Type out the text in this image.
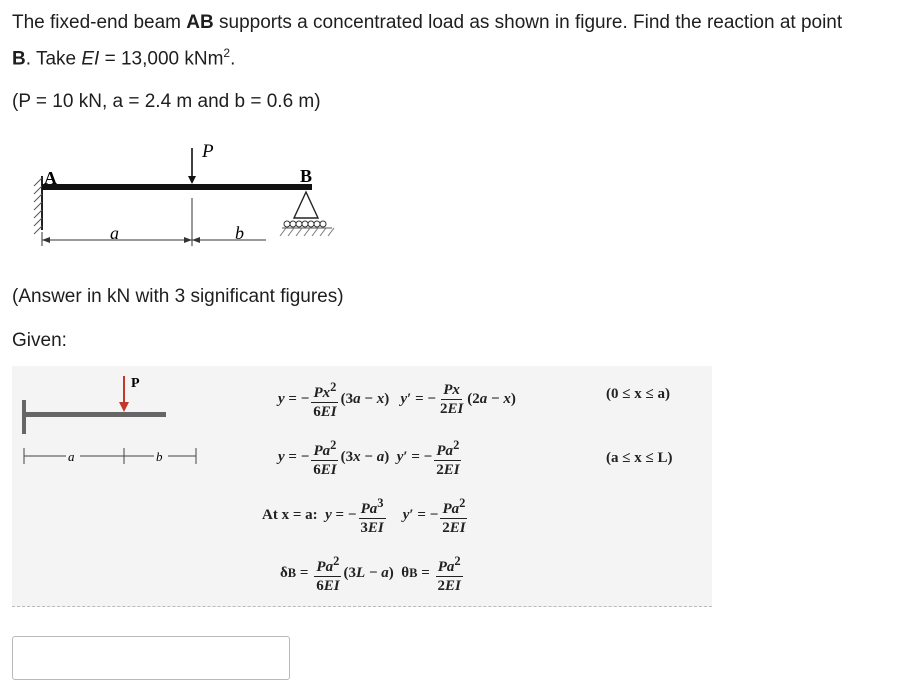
The fixed-end beam AB supports a concentrated load as shown in figure. Find the reaction at point
B. Take EI = 13,000 kNm$^2$.
(P = 10 kN, a = 2.4 m and b = 0.6 m)
A	B
P
a	b
(Answer in kN with 3 significant figures)
Given:
P
a	b
y = − $\frac{Px^2}{6EI} (3$ a − x ) y ′ = − $\frac{Px}{2EI} (2$ a − x )	(0 ≤ x ≤ a)
y = − $\frac{Pa^2}{6EI} (3$ x − a ) y ′ = − $\frac{Pa^2}{2EI}$	(a ≤ x ≤ L)
At x = a:
y = − $\frac{Pa^3}{3EI}$
y ′ = − $\frac{Pa^2}{2EI}$
δ $B = \frac{Pa^2}{6EI} (3$ L − a )  θ $B = \frac{Pa^2}{2EI}$
